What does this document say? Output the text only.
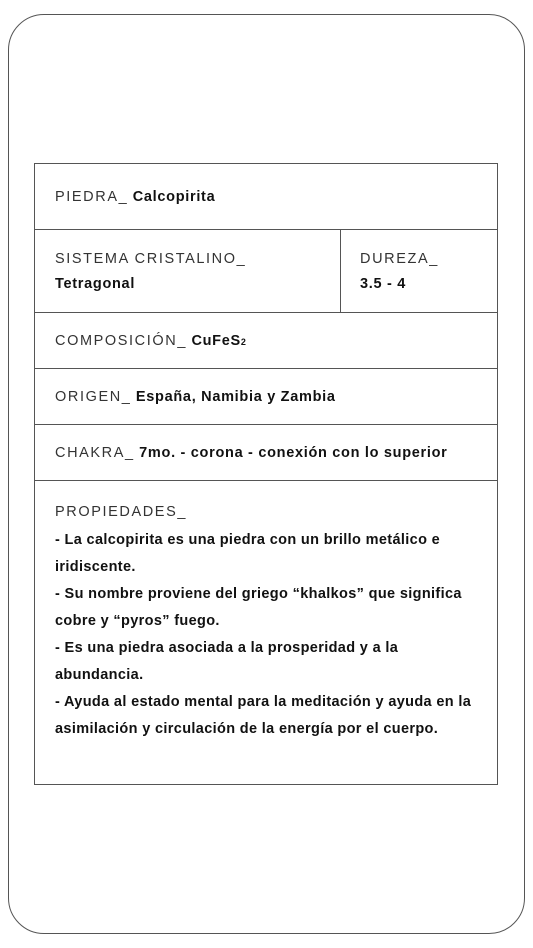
PIEDRA_ Calcopirita
SISTEMA CRISTALINO_
Tetragonal
DUREZA_
3.5 - 4
COMPOSICIÓN_ CuFeS2
ORIGEN_ España, Namibia y Zambia
CHAKRA_ 7mo. - corona - conexión con lo superior
PROPIEDADES_
- La calcopirita es una piedra con un brillo metálico e iridiscente.
- Su nombre proviene del griego “khalkos” que significa cobre y “pyros” fuego.
- Es una piedra asociada a la prosperidad y a la abundancia.
- Ayuda al estado mental para la meditación y ayuda en la asimilación y circulación de la energía por el cuerpo.
